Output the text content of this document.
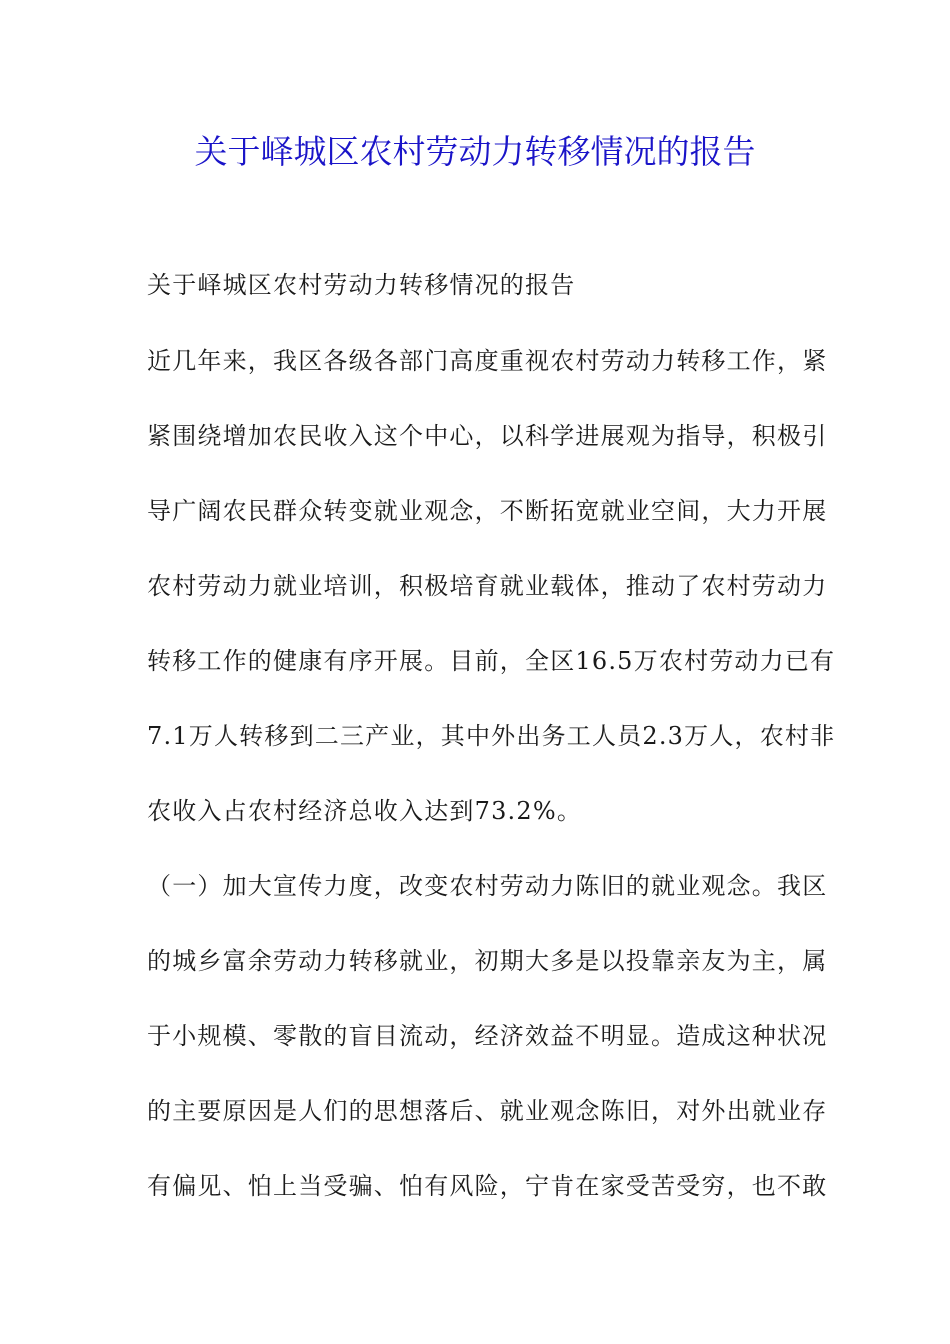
关于峄城区农村劳动力转移情况的报告
关于峄城区农村劳动力转移情况的报告
近几年来，我区各级各部门高度重视农村劳动力转移工作，紧
紧围绕增加农民收入这个中心，以科学进展观为指导，积极引
导广阔农民群众转变就业观念，不断拓宽就业空间，大力开展
农村劳动力就业培训，积极培育就业载体，推动了农村劳动力
转移工作的健康有序开展。目前，全区16.5万农村劳动力已有
7.1万人转移到二三产业，其中外出务工人员2.3万人，农村非
农收入占农村经济总收入达到73.2%。
（一）加大宣传力度，改变农村劳动力陈旧的就业观念。我区
的城乡富余劳动力转移就业，初期大多是以投靠亲友为主，属
于小规模、零散的盲目流动，经济效益不明显。造成这种状况
的主要原因是人们的思想落后、就业观念陈旧，对外出就业存
有偏见、怕上当受骗、怕有风险，宁肯在家受苦受穷，也不敢
